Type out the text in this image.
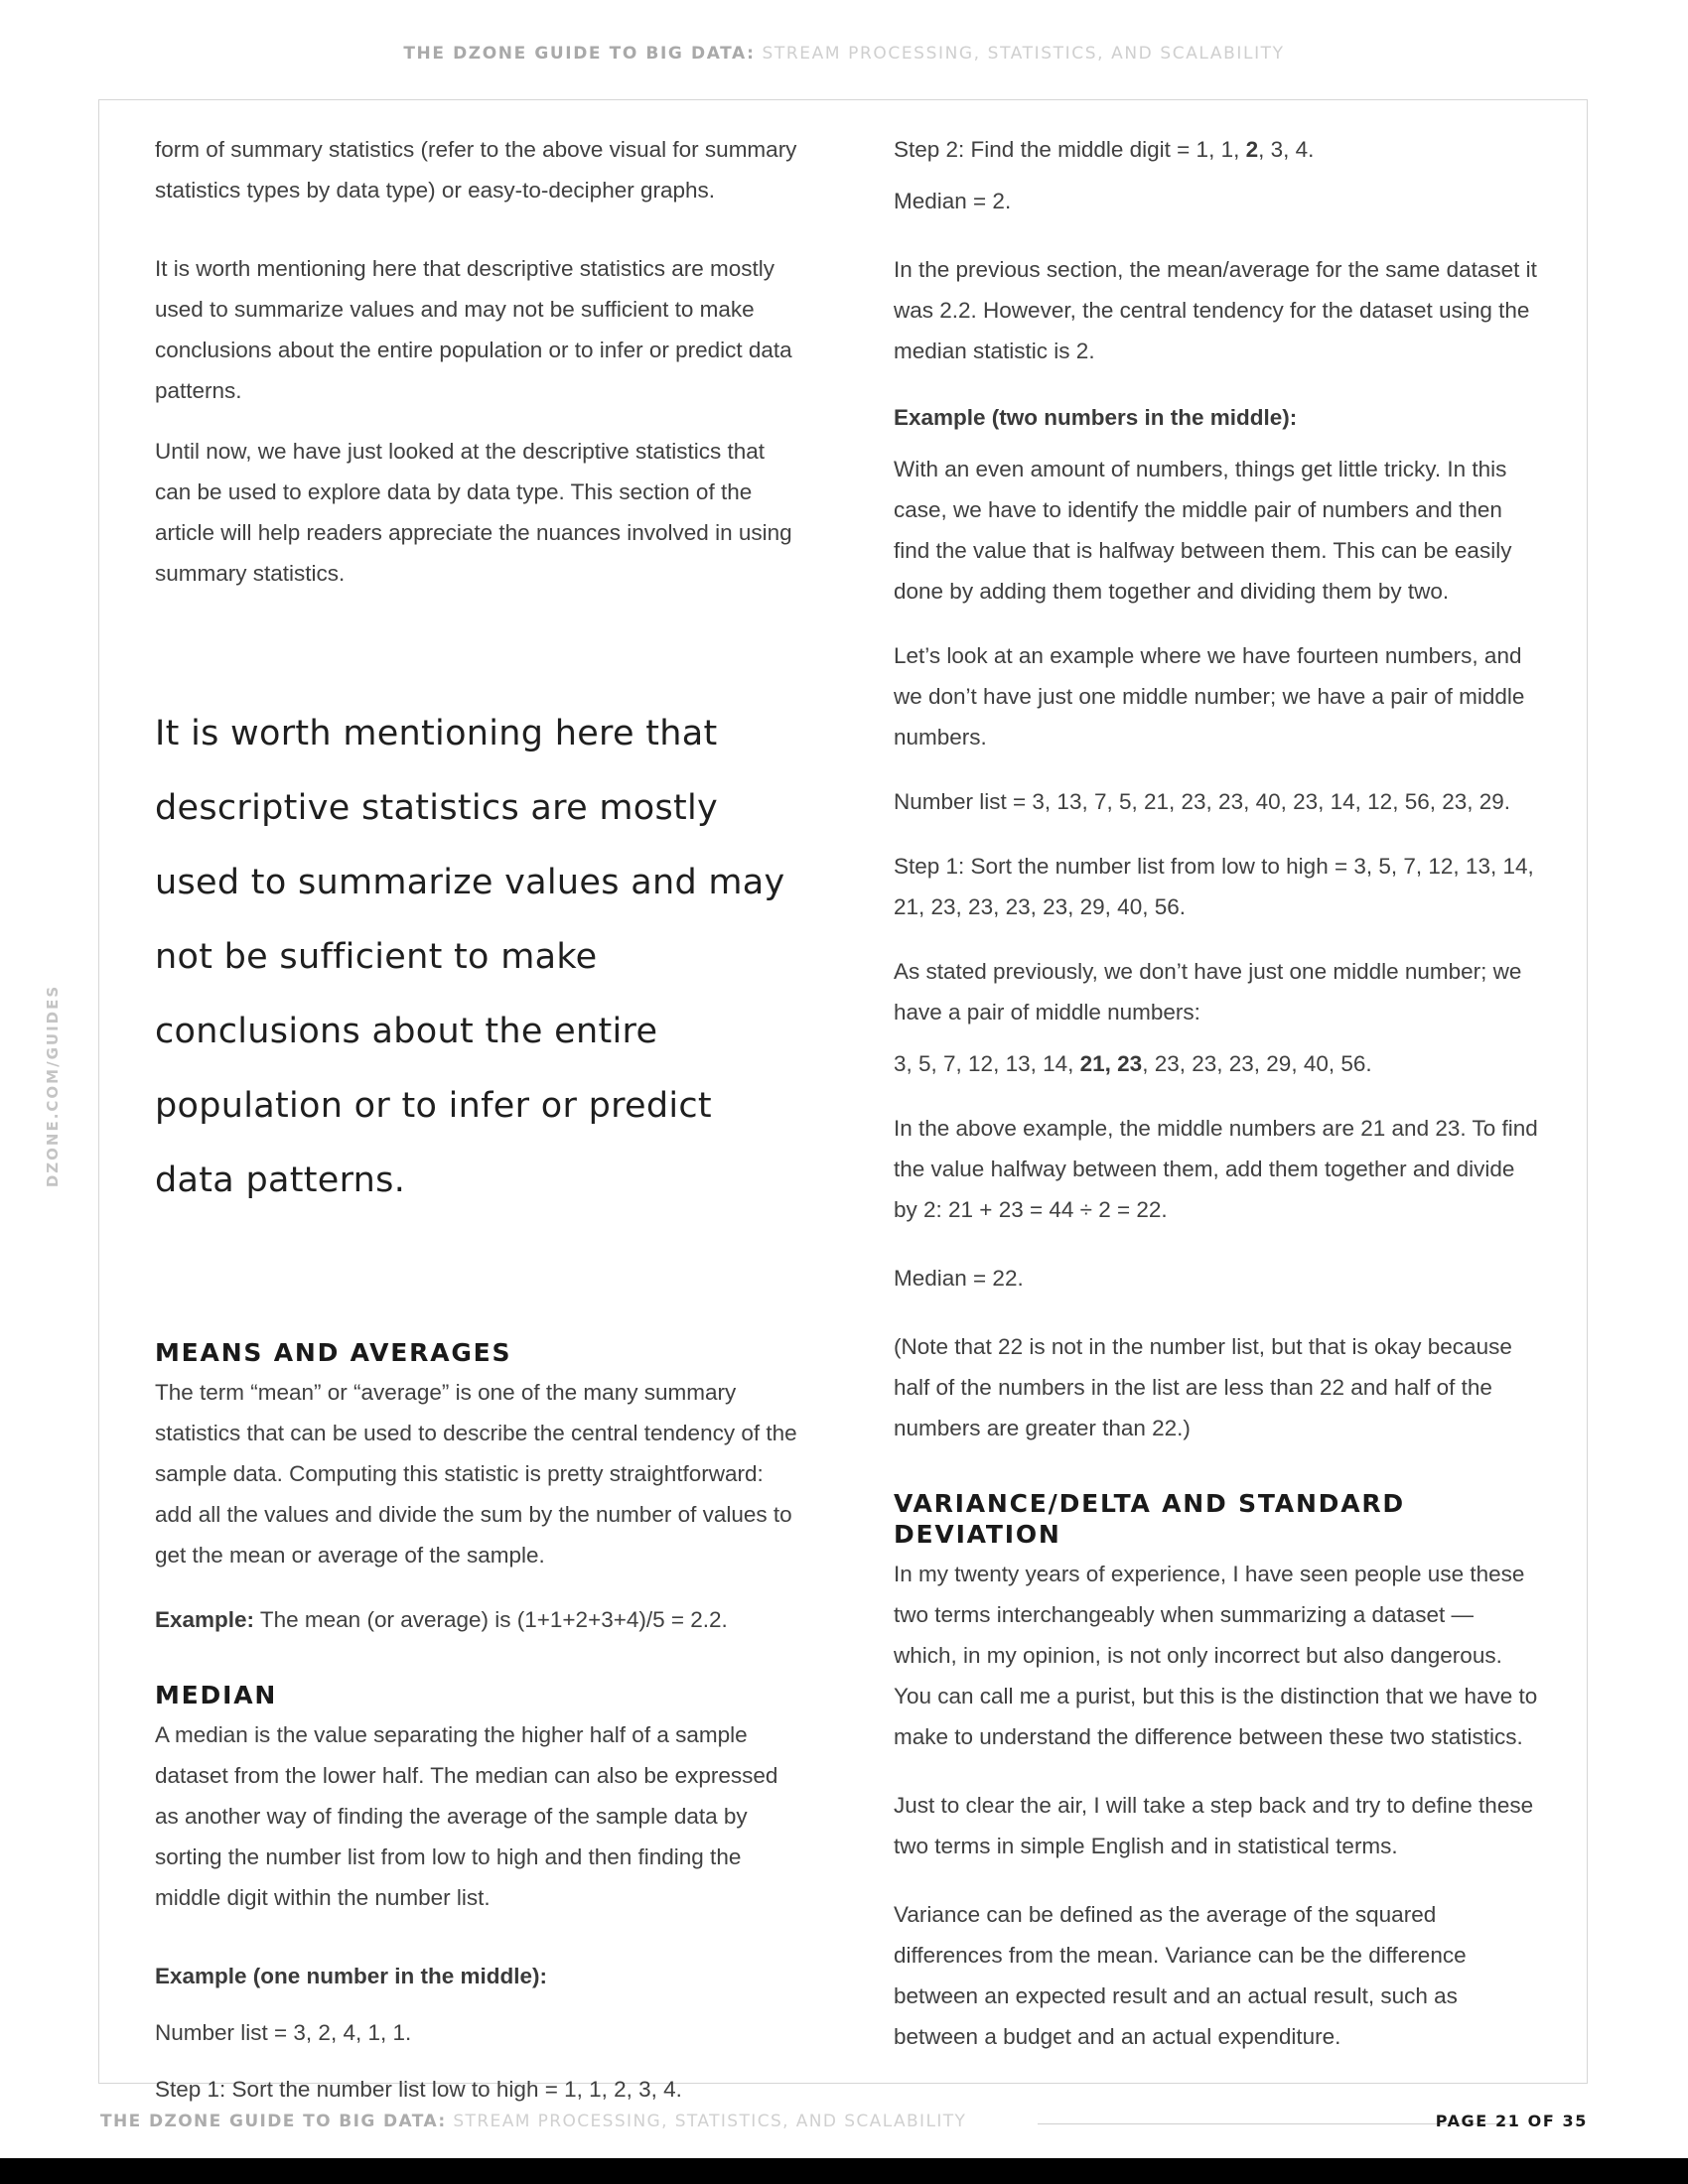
THE DZONE GUIDE TO BIG DATA: STREAM PROCESSING, STATISTICS, AND SCALABILITY
DZONE.COM/GUIDES

form of summary statistics (refer to the above visual for summary statistics types by data type) or easy-to-decipher graphs.

It is worth mentioning here that descriptive statistics are mostly used to summarize values and may not be sufficient to make conclusions about the entire population or to infer or predict data patterns.

Until now, we have just looked at the descriptive statistics that can be used to explore data by data type. This section of the article will help readers appreciate the nuances involved in using summary statistics.

It is worth mentioning here that descriptive statistics are mostly used to summarize values and may not be sufficient to make conclusions about the entire population or to infer or predict data patterns.
MEANS AND AVERAGES

The term “mean” or “average” is one of the many summary statistics that can be used to describe the central tendency of the sample data. Computing this statistic is pretty straightforward: add all the values and divide the sum by the number of values to get the mean or average of the sample.

Example: The mean (or average) is (1+1+2+3+4)/5 = 2.2.

MEDIAN

A median is the value separating the higher half of a sample dataset from the lower half. The median can also be expressed as another way of finding the average of the sample data by sorting the number list from low to high and then finding the middle digit within the number list.

Example (one number in the middle):

Number list = 3, 2, 4, 1, 1.

Step 1: Sort the number list low to high = 1, 1, 2, 3, 4.

Step 2: Find the middle digit = 1, 1, 2, 3, 4.

Median = 2.

In the previous section, the mean/average for the same dataset it was 2.2. However, the central tendency for the dataset using the median statistic is 2.

Example (two numbers in the middle):

With an even amount of numbers, things get little tricky. In this case, we have to identify the middle pair of numbers and then find the value that is halfway between them. This can be easily done by adding them together and dividing them by two.

Let’s look at an example where we have fourteen numbers, and we don’t have just one middle number; we have a pair of middle numbers.

Number list = 3, 13, 7, 5, 21, 23, 23, 40, 23, 14, 12, 56, 23, 29.

Step 1: Sort the number list from low to high = 3, 5, 7, 12, 13, 14, 21, 23, 23, 23, 23, 29, 40, 56.

As stated previously, we don’t have just one middle number; we have a pair of middle numbers:

3, 5, 7, 12, 13, 14, 21, 23, 23, 23, 23, 29, 40, 56.

In the above example, the middle numbers are 21 and 23. To find the value halfway between them, add them together and divide by 2: 21 + 23 = 44 ÷ 2 = 22.

Median = 22.

(Note that 22 is not in the number list, but that is okay because half of the numbers in the list are less than 22 and half of the numbers are greater than 22.)

VARIANCE/DELTA AND STANDARD DEVIATION

In my twenty years of experience, I have seen people use these two terms interchangeably when summarizing a dataset — which, in my opinion, is not only incorrect but also dangerous. You can call me a purist, but this is the distinction that we have to make to understand the difference between these two statistics.

Just to clear the air, I will take a step back and try to define these two terms in simple English and in statistical terms.

Variance can be defined as the average of the squared differences from the mean. Variance can be the difference between an expected result and an actual result, such as between a budget and an actual expenditure.

THE DZONE GUIDE TO BIG DATA: STREAM PROCESSING, STATISTICS, AND SCALABILITY	PAGE 21 OF 35
